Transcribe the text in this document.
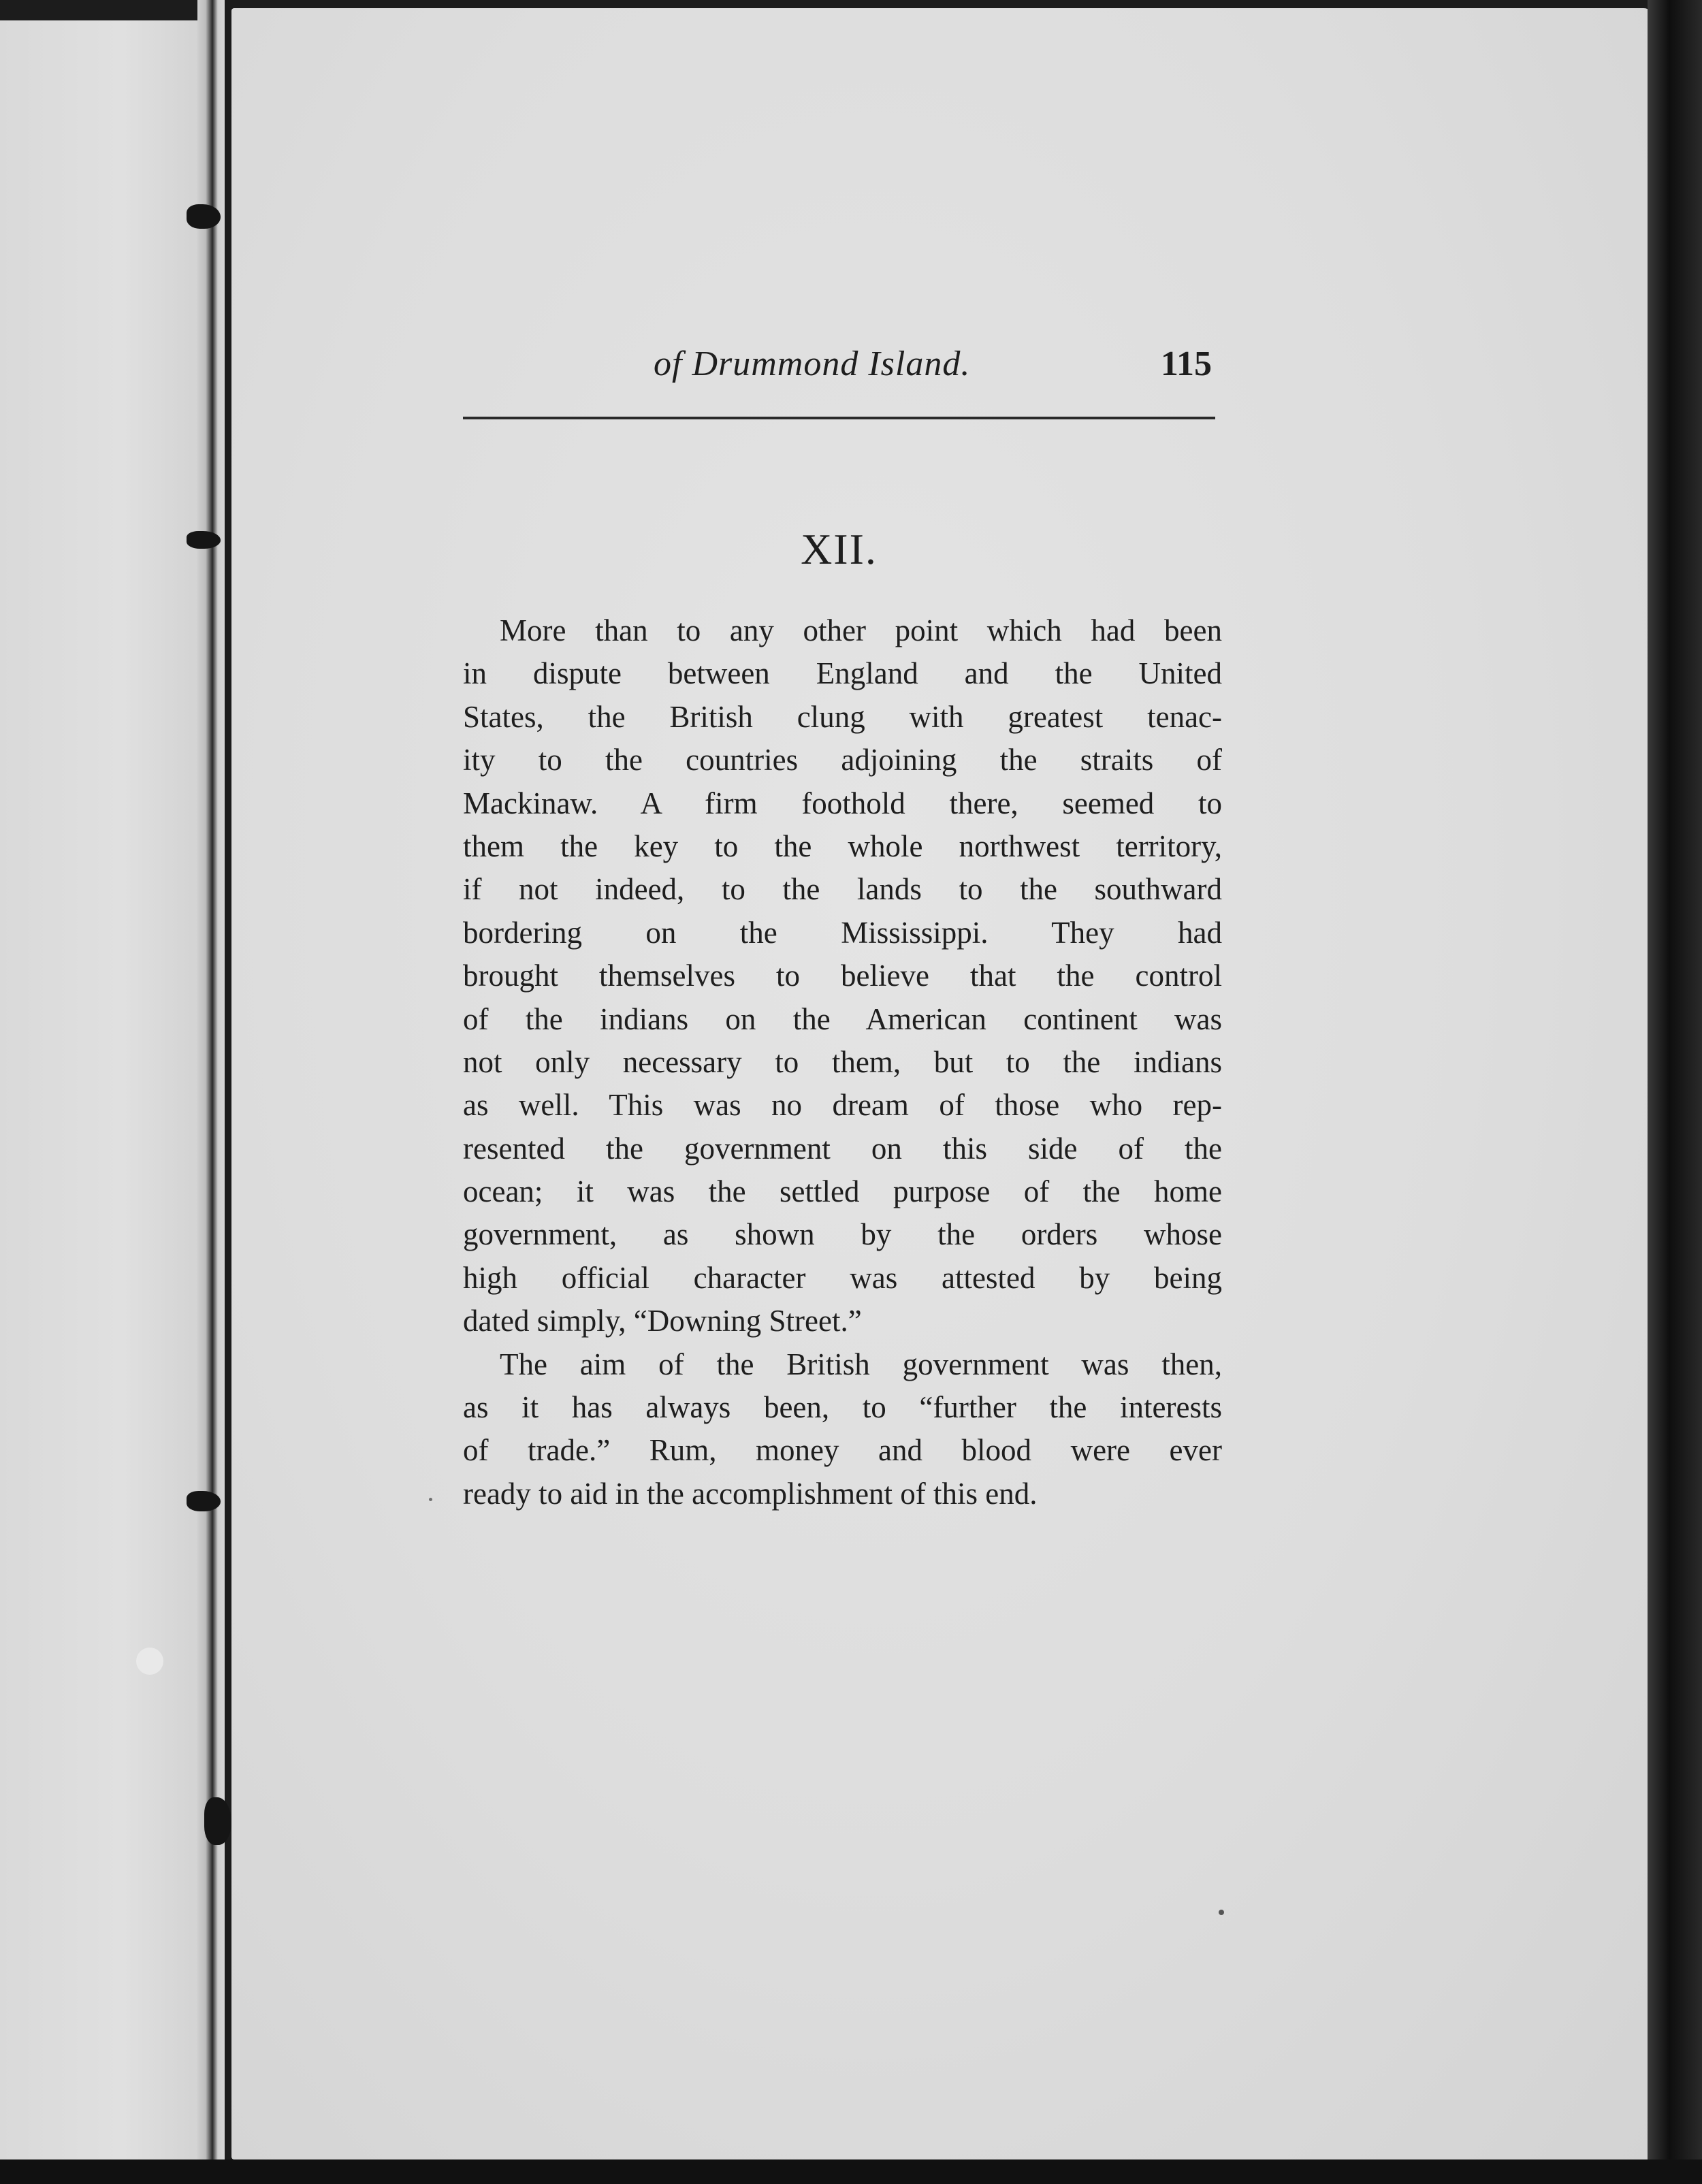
of Drummond Island.	115
XII.
More than to any other point which had been
in dispute between England and the United
States, the British clung with greatest tenac-
ity to the countries adjoining the straits of
Mackinaw. A firm foothold there, seemed to
them the key to the whole northwest territory,
if not indeed, to the lands to the southward
bordering on the Mississippi. They had
brought themselves to believe that the control
of the indians on the American continent was
not only necessary to them, but to the indians
as well. This was no dream of those who rep-
resented the government on this side of the
ocean; it was the settled purpose of the home
government, as shown by the orders whose
high official character was attested by being
dated simply, “Downing Street.”
The aim of the British government was then,
as it has always been, to “further the interests
of trade.” Rum, money and blood were ever
ready to aid in the accomplishment of this end.
